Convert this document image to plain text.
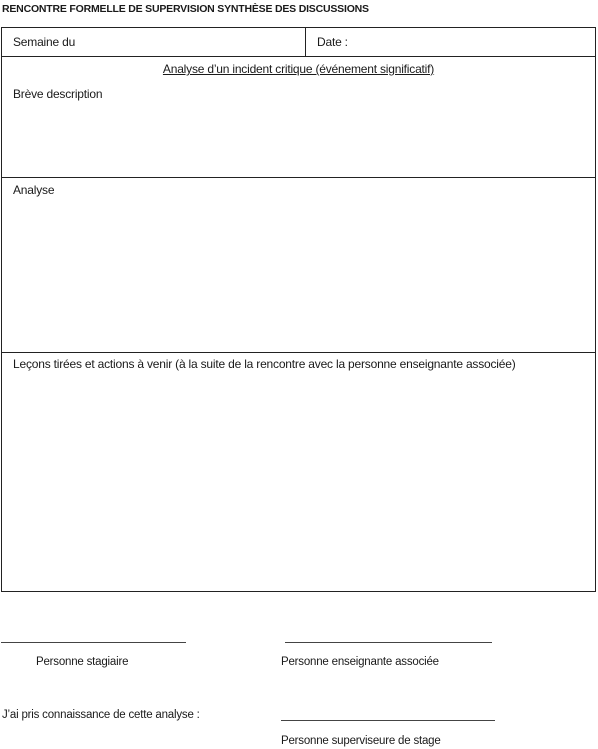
RENCONTRE FORMELLE DE SUPERVISION SYNTHÈSE DES DISCUSSIONS
Semaine du	Date :
Analyse d’un incident critique (événement significatif)
Brève description
Analyse
Leçons tirées et actions à venir (à la suite de la rencontre avec la personne enseignante associée)
Personne stagiaire	Personne enseignante associée
J’ai pris connaissance de cette analyse :
Personne superviseure de stage
